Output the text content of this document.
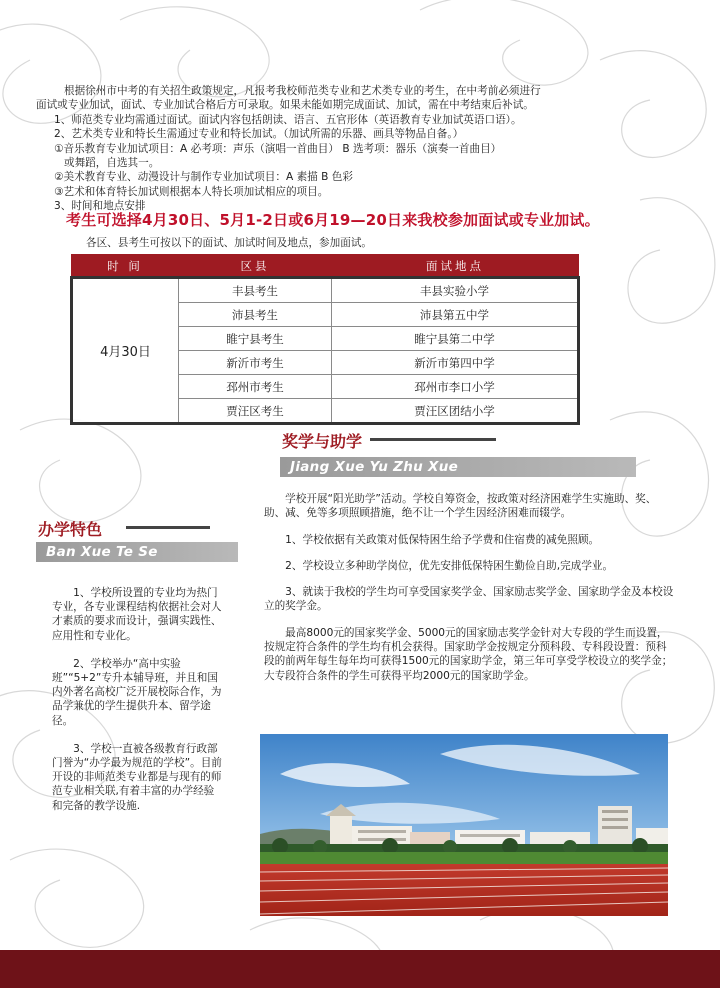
根据徐州市中考的有关招生政策规定，凡报考我校师范类专业和艺术类专业的考生，在中考前必须进行

面试或专业加试，面试、专业加试合格后方可录取。如果未能如期完成面试、加试，需在中考结束后补试。

1、师范类专业均需通过面试。面试内容包括朗读、语言、五官形体（英语教育专业加试英语口语）。

2、艺术类专业和特长生需通过专业和特长加试。（加试所需的乐器、画具等物品自备。）

①音乐教育专业加试项目：A 必考项：声乐（演唱一首曲目） B 选考项：器乐（演奏一首曲目）

或舞蹈，自选其一。

②美术教育专业、动漫设计与制作专业加试项目：A 素描 B 色彩

③艺术和体育特长加试则根据本人特长项加试相应的项目。

3、时间和地点安排

考生可选择4月30日、5月1-2日或6月19—20日来我校参加面试或专业加试。
各区、县考生可按以下的面试、加试时间及地点，参加面试。
时 间	区县	面试地点
4月30日	丰县考生	丰县实验小学
	沛县考生	沛县第五中学
	睢宁县考生	睢宁县第二中学
	新沂市考生	新沂市第四中学
	邳州市考生	邳州市李口小学
	贾汪区考生	贾汪区团结小学
奖学与助学
Jiang Xue Yu Zhu Xue
办学特色
Ban Xue Te Se

　　1、学校所设置的专业均为热门专业，各专业课程结构依据社会对人才素质的要求而设计，强调实践性、应用性和专业化。

　　2、学校举办“高中实验班”“5+2”专升本辅导班，并且和国内外著名高校广泛开展校际合作，为品学兼优的学生提供升本、留学途径。

　　3、学校一直被各级教育行政部门誉为“办学最为规范的学校”。目前开设的非师范类专业都是与现有的师范专业相关联,有着丰富的办学经验和完备的教学设施.

　　学校开展“阳光助学”活动。学校自筹资金，按政策对经济困难学生实施助、奖、助、减、免等多项照顾措施，绝不让一个学生因经济困难而辍学。

　　1、学校依据有关政策对低保特困生给予学费和住宿费的减免照顾。

　　2、学校设立多种助学岗位，优先安排低保特困生勤俭自助,完成学业。

　　3、就读于我校的学生均可享受国家奖学金、国家励志奖学金、国家助学金及本校设立的奖学金。

　　最高8000元的国家奖学金、5000元的国家励志奖学金针对大专段的学生而设置，按规定符合条件的学生均有机会获得。国家助学金按规定分预科段、专科段设置：预科段的前两年每生每年均可获得1500元的国家助学金，第三年可享受学校设立的奖学金；大专段符合条件的学生可获得平均2000元的国家助学金。
